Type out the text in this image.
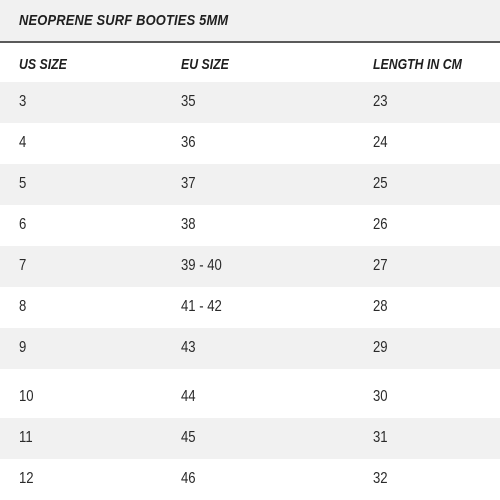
NEOPRENE SURF BOOTIES 5MM
US SIZE	EU SIZE	LENGTH IN CM
3	35	23
4	36	24
5	37	25
6	38	26
7	39 - 40	27
8	41 - 42	28
9	43	29
10	44	30
11	45	31
12	46	32
